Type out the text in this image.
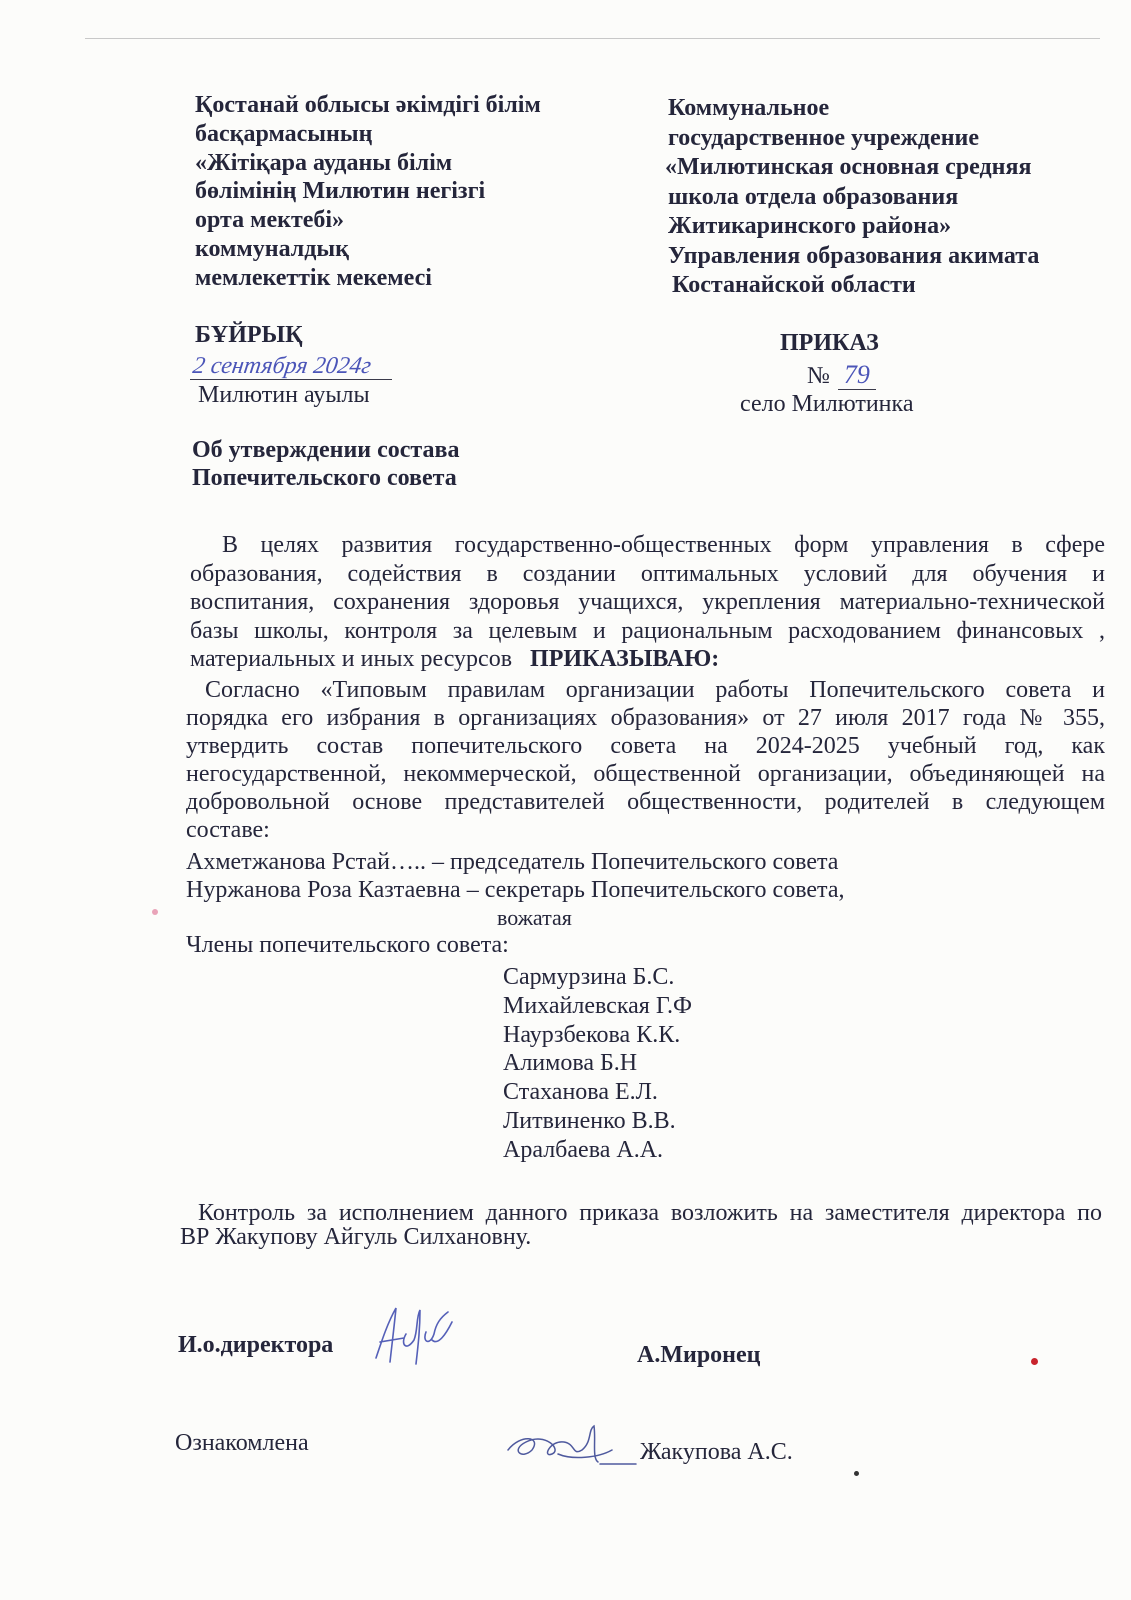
Қостанай облысы әкімдігі білім
басқармасының
«Жітіқара ауданы білім
бөлімінің Милютин негізгі
орта мектебі»
коммуналдық
мемлекеттік мекемесі
Коммунальное
государственное учреждение
«Милютинская основная средняя
школа отдела образования
Житикаринского района»
Управления образования акимата
Костанайской области
БҰЙРЫҚ	ПРИКАЗ
2 сентября 2024г	№ 79
Милютин ауылы	село Милютинка
Об утверждении состава
Попечительского совета
В целях развития государственно-общественных форм управления в сфере
образования, содействия в создании оптимальных условий для обучения и
воспитания, сохранения здоровья учащихся, укрепления материально-технической
базы школы, контроля за целевым и рациональным расходованием финансовых ,
материальных и иных ресурсов ПРИКАЗЫВАЮ:
Согласно «Типовым правилам организации работы Попечительского совета и
порядка его избрания в организациях образования» от 27 июля 2017 года № 355,
утвердить состав попечительского совета на 2024-2025 учебный год, как
негосударственной, некоммерческой, общественной организации, объединяющей на
добровольной основе представителей общественности, родителей в следующем
составе:
Ахметжанова Рстай….. – председатель Попечительского совета
Нуржанова Роза Казтаевна – секретарь Попечительского совета,
вожатая
Члены попечительского совета:
Сармурзина Б.С.
Михайлевская Г.Ф
Наурзбекова К.К.
Алимова Б.Н
Стаханова Е.Л.
Литвиненко В.В.
Аралбаева А.А.
Контроль за исполнением данного приказа возложить на заместителя директора по
ВР Жакупову Айгуль Силхановну.
И.о.директора	А.Миронец
Ознакомлена	Жакупова А.С.
